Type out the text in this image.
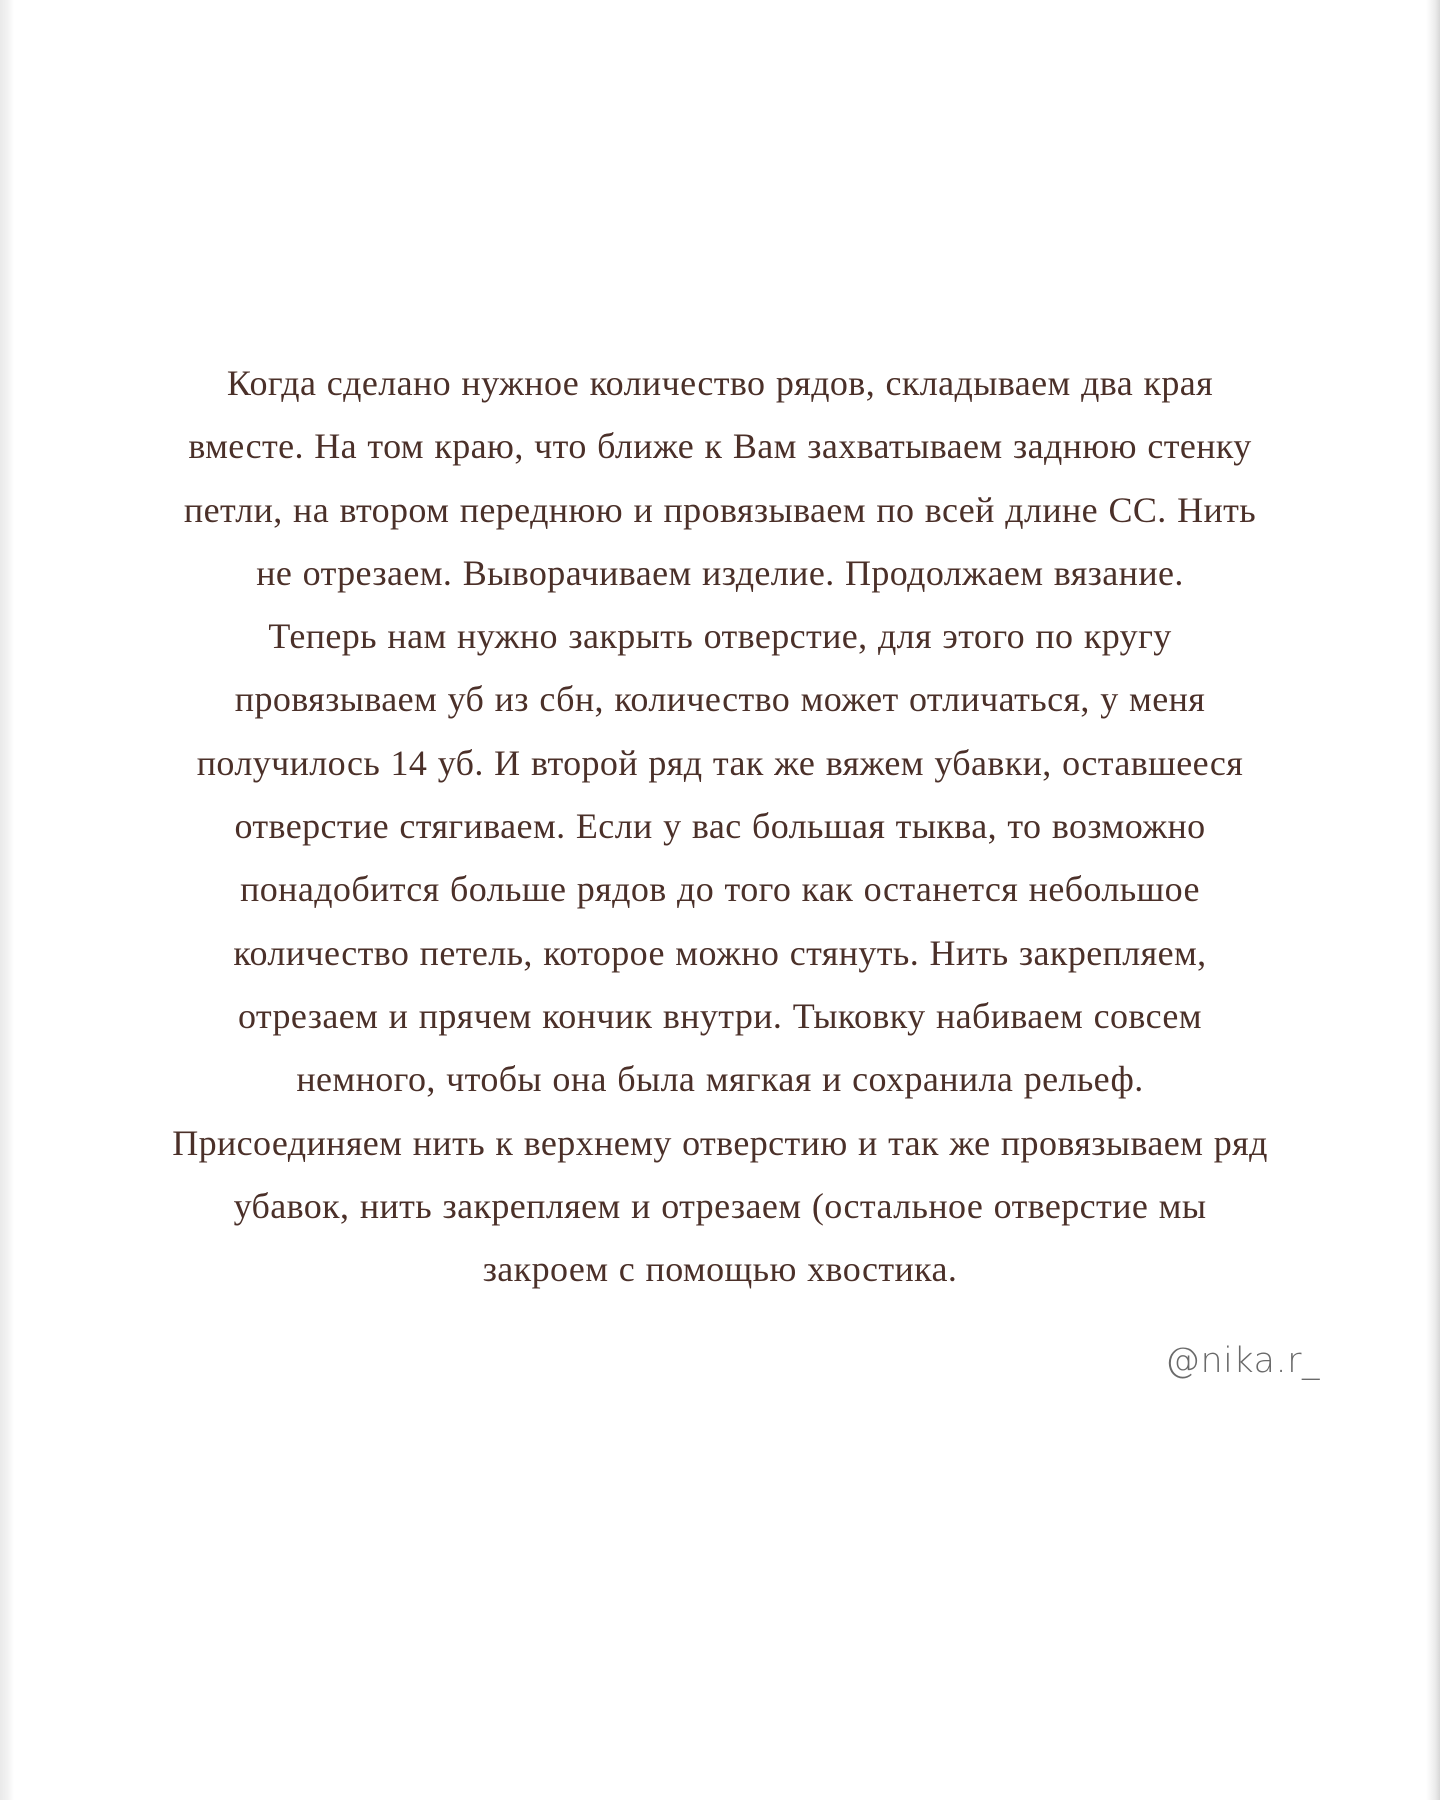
Когда сделано нужное количество рядов, складываем два края
вместе. На том краю, что ближе к Вам захватываем заднюю стенку
петли, на втором переднюю и провязываем по всей длине СС. Нить
не отрезаем. Выворачиваем изделие. Продолжаем вязание.
Теперь нам нужно закрыть отверстие, для этого по кругу
провязываем уб из сбн, количество может отличаться, у меня
получилось 14 уб. И второй ряд так же вяжем убавки, оставшееся
отверстие стягиваем. Если у вас большая тыква, то возможно
понадобится больше рядов до того как останется небольшое
количество петель, которое можно стянуть. Нить закрепляем,
отрезаем и прячем кончик внутри. Тыковку набиваем совсем
немного, чтобы она была мягкая и сохранила рельеф.
Присоединяем нить к верхнему отверстию и так же провязываем ряд
убавок, нить закрепляем и отрезаем (остальное отверстие мы
закроем с помощью хвостика.

@nika.r_
